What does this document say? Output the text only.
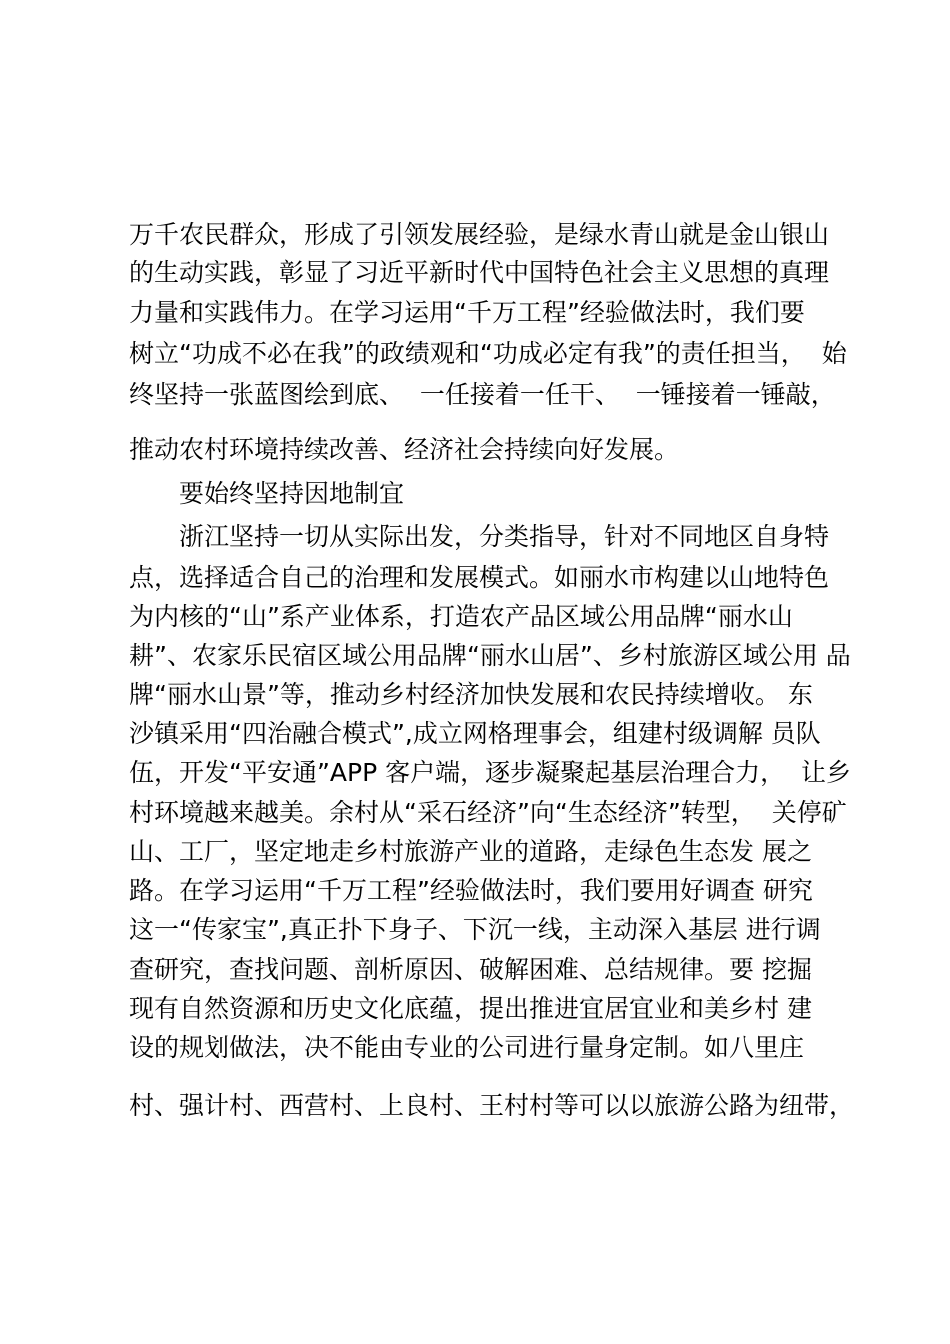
万千农民群众，形成了引领发展经验，是绿水青山就是金山银山
的生动实践，彰显了习近平新时代中国特色社会主义思想的真理
力量和实践伟力。在学习运用“千万工程”经验做法时，我们要
树立“功成不必在我”的政绩观和“功成必定有我”的责任担当，  始
终坚持一张蓝图绘到底、  一任接着一任干、  一锤接着一锤敲，
推动农村环境持续改善、经济社会持续向好发展。
要始终坚持因地制宜
浙江坚持一切从实际出发，分类指导，针对不同地区自身特
点，选择适合自己的治理和发展模式。如丽水市构建以山地特色
为内核的“山”系产业体系，打造农产品区域公用品牌“丽水山
耕”、农家乐民宿区域公用品牌“丽水山居”、乡村旅游区域公用 品
牌“丽水山景”等，推动乡村经济加快发展和农民持续增收。 东
沙镇采用“四治融合模式”,成立网格理事会，组建村级调解 员队
伍，开发“平安通”APP 客户端，逐步凝聚起基层治理合力，  让乡
村环境越来越美。余村从“采石经济”向“生态经济”转型，  关停矿
山、工厂，坚定地走乡村旅游产业的道路，走绿色生态发 展之
路。在学习运用“千万工程”经验做法时，我们要用好调查 研究
这一“传家宝”,真正扑下身子、下沉一线，主动深入基层 进行调
查研究，查找问题、剖析原因、破解困难、总结规律。要 挖掘
现有自然资源和历史文化底蕴，提出推进宜居宜业和美乡村 建
设的规划做法，决不能由专业的公司进行量身定制。如八里庄
村、强计村、西营村、上良村、王村村等可以以旅游公路为纽带，
